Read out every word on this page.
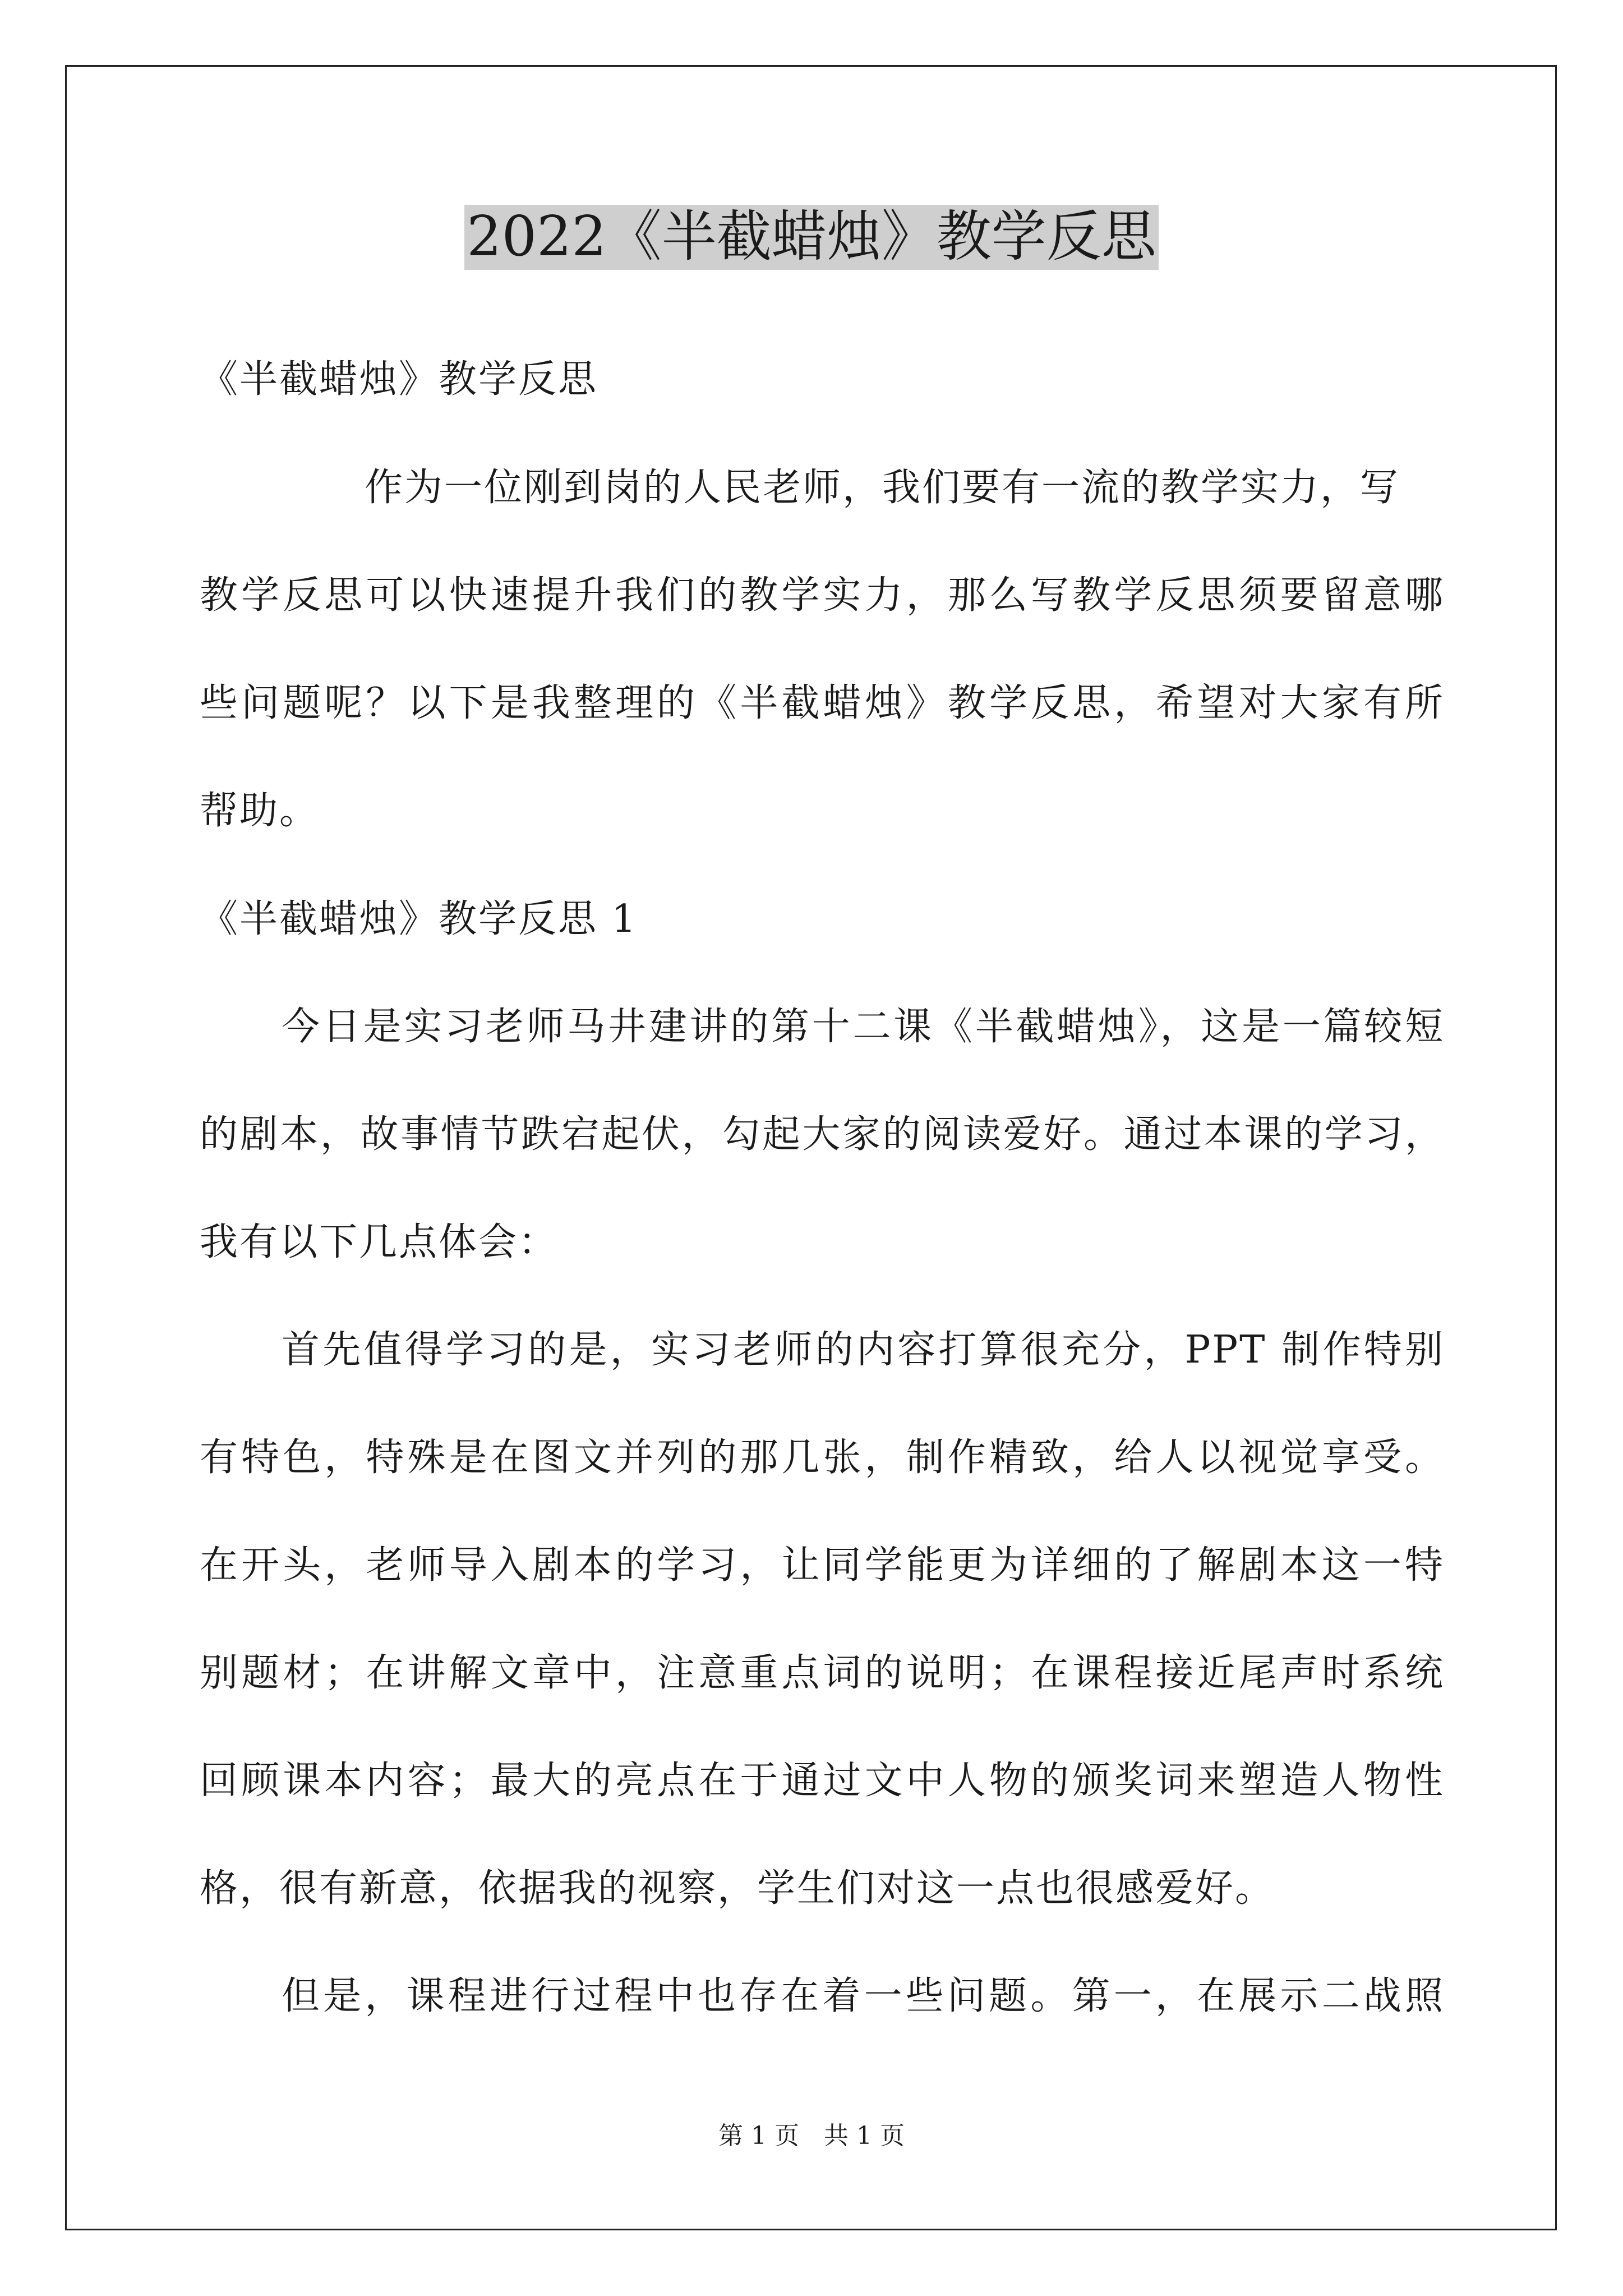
2022《半截蜡烛》教学反思
《半截蜡烛》教学反思
作为一位刚到岗的人民老师，我们要有一流的教学实力，写
教学反思可以快速提升我们的教学实力，那么写教学反思须要留意哪
些问题呢？以下是我整理的《半截蜡烛》教学反思，希望对大家有所
帮助。
《半截蜡烛》教学反思 1
今日是实习老师马井建讲的第十二课《半截蜡烛》，这是一篇较短
的剧本，故事情节跌宕起伏，勾起大家的阅读爱好。通过本课的学习，
我有以下几点体会：
首先值得学习的是，实习老师的内容打算很充分，PPT 制作特别
有特色，特殊是在图文并列的那几张，制作精致，给人以视觉享受。
在开头，老师导入剧本的学习，让同学能更为详细的了解剧本这一特
别题材；在讲解文章中，注意重点词的说明；在课程接近尾声时系统
回顾课本内容；最大的亮点在于通过文中人物的颁奖词来塑造人物性
格，很有新意，依据我的视察，学生们对这一点也很感爱好。
但是，课程进行过程中也存在着一些问题。第一，在展示二战照
第 1 页　共 1 页
